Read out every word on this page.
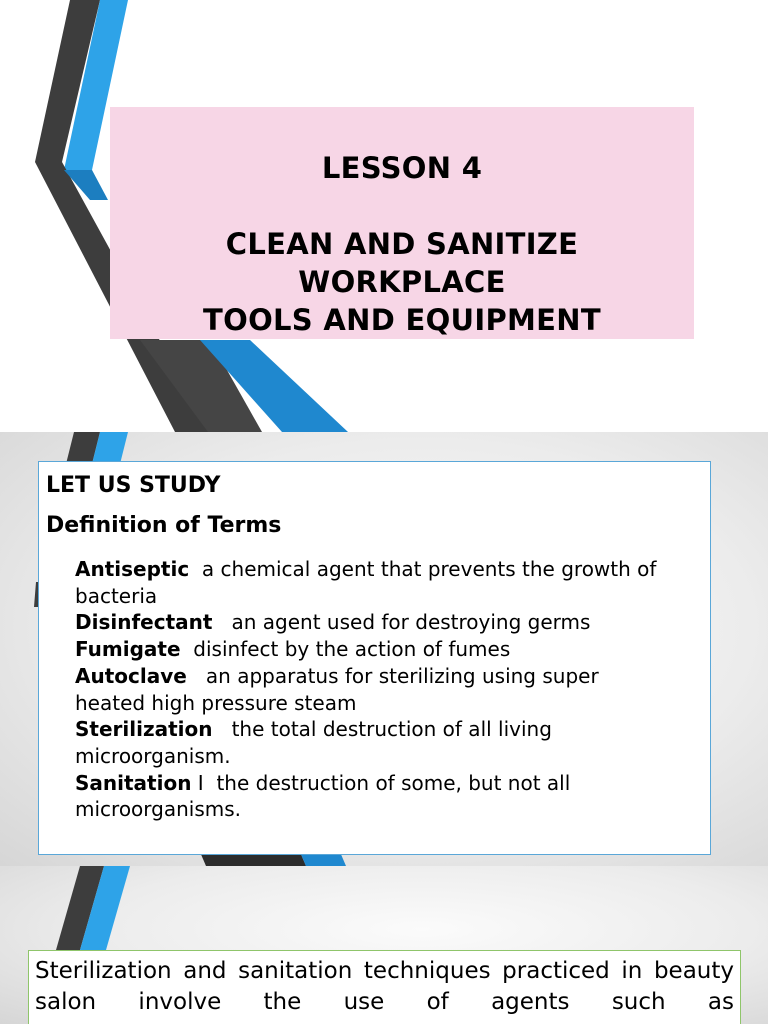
LESSON 4
CLEAN AND SANITIZE
WORKPLACE
TOOLS AND EQUIPMENT
LET US STUDY
Definition of Terms
Antiseptic a chemical agent that prevents the growth of
bacteria
Disinfectant an agent used for destroying germs
Fumigate disinfect by the action of fumes
Autoclave an apparatus for sterilizing using super
heated high pressure steam
Sterilization the total destruction of all living
microorganism.
Sanitation I  the destruction of some, but not all
microorganisms.

Sterilization and sanitation techniques practiced in beauty salon involve the use of agents such as
